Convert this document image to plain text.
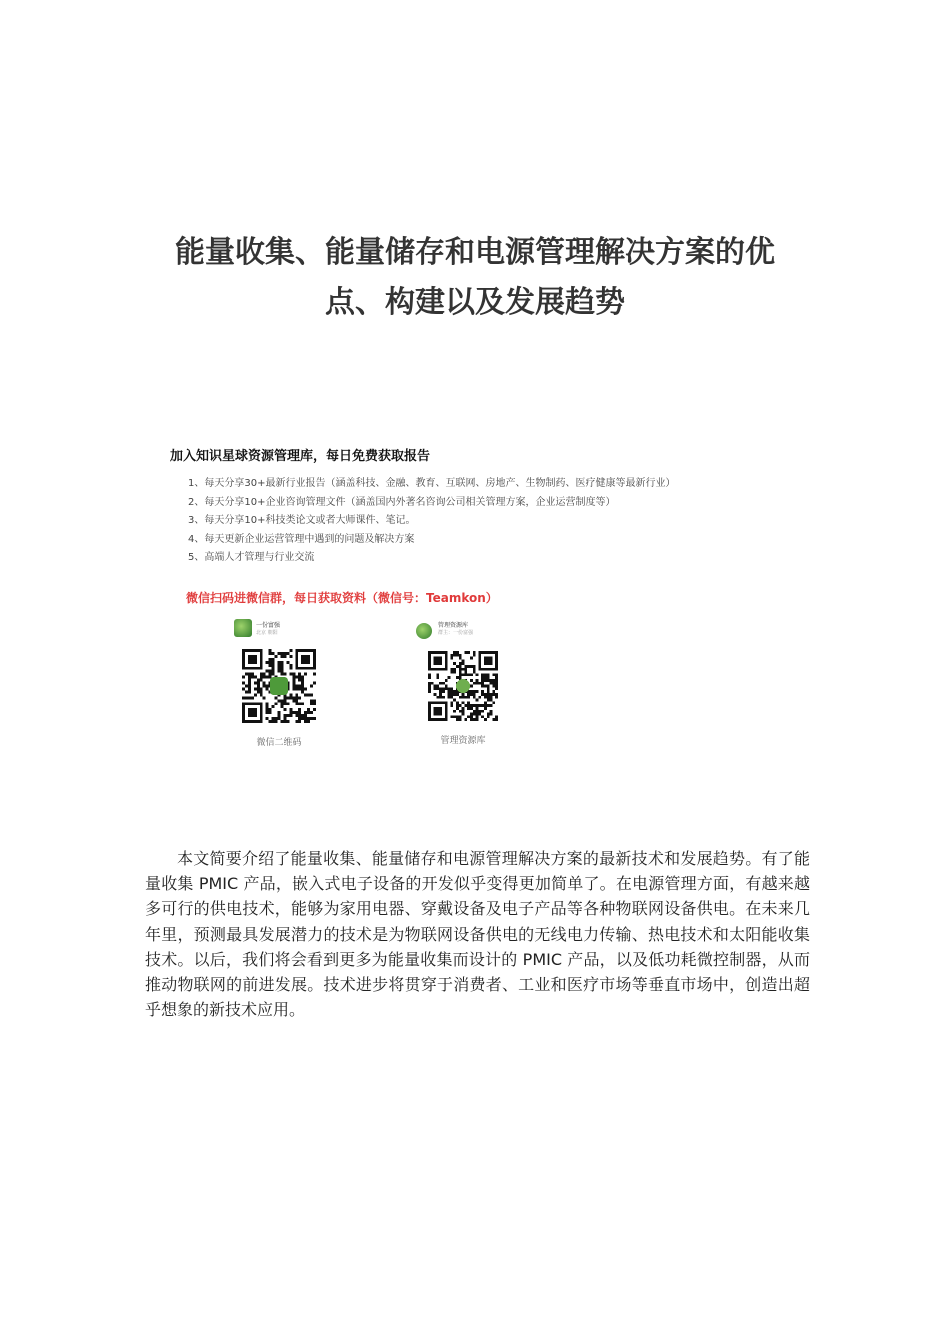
能量收集、能量储存和电源管理解决方案的优
点、构建以及发展趋势
加入知识星球资源管理库，每日免费获取报告
1、每天分享30+最新行业报告（涵盖科技、金融、教育、互联网、房地产、生物制药、医疗健康等最新行业）
2、每天分享10+企业咨询管理文件（涵盖国内外著名咨询公司相关管理方案，企业运营制度等）
3、每天分享10+科技类论文或者大师课件、笔记。
4、每天更新企业运营管理中遇到的问题及解决方案
5、高端人才管理与行业交流
微信扫码进微信群，每日获取资料（微信号：Teamkon）
一份富强
北京 朝阳
微信二维码
管理资源库
群主：一份富强
管理资源库

本文简要介绍了能量收集、能量储存和电源管理解决方案的最新技术和发展趋势。有了能量收集 PMIC 产品，嵌入式电子设备的开发似乎变得更加简单了。在电源管理方面，有越来越多可行的供电技术，能够为家用电器、穿戴设备及电子产品等各种物联网设备供电。在未来几年里，预测最具发展潜力的技术是为物联网设备供电的无线电力传输、热电技术和太阳能收集技术。以后，我们将会看到更多为能量收集而设计的 PMIC 产品，以及低功耗微控制器，从而推动物联网的前进发展。技术进步将贯穿于消费者、工业和医疗市场等垂直市场中，创造出超乎想象的新技术应用。
